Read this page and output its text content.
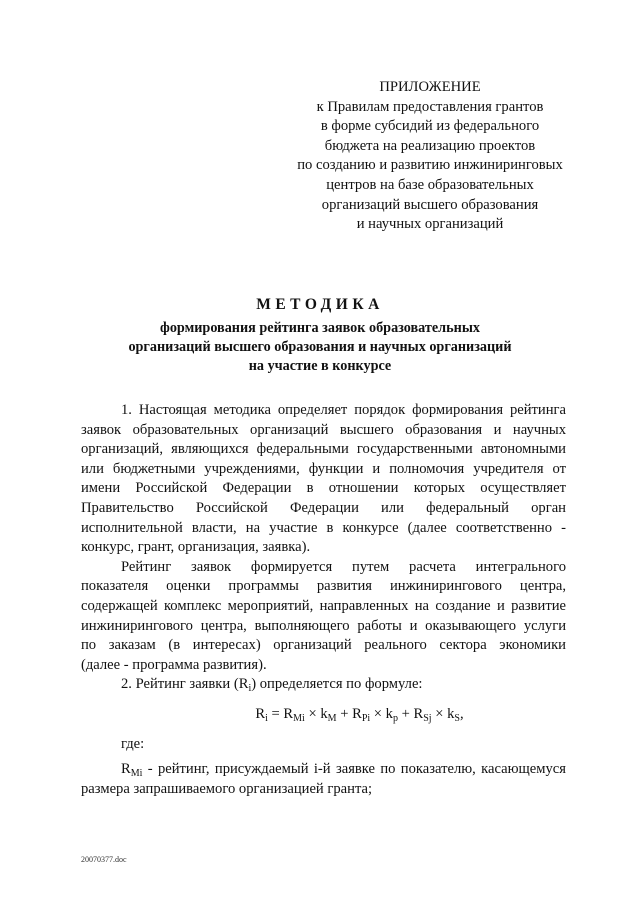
ПРИЛОЖЕНИЕ
к Правилам предоставления грантов
в форме субсидий из федерального
бюджета на реализацию проектов
по созданию и развитию инжиниринговых
центров на базе образовательных
организаций высшего образования
и научных организаций
МЕТОДИКА
формирования рейтинга заявок образовательных
организаций высшего образования и научных организаций
на участие в конкурсе
1. Настоящая методика определяет порядок формирования рейтинга
заявок образовательных организаций высшего образования и научных
организаций, являющихся федеральными государственными автономными
или бюджетными учреждениями, функции и полномочия учредителя от
имени Российской Федерации в отношении которых осуществляет
Правительство Российской Федерации или федеральный орган
исполнительной власти, на участие в конкурсе (далее соответственно -
конкурс, грант, организация, заявка).
Рейтинг заявок формируется путем расчета интегрального
показателя оценки программы развития инжинирингового центра,
содержащей комплекс мероприятий, направленных на создание и развитие
инжинирингового центра, выполняющего работы и оказывающего услуги
по заказам (в интересах) организаций реального сектора экономики
(далее - программа развития).
2. Рейтинг заявки $(R_i)$ определяется по формуле:
$R_i = R_{Mi} \times k_M + R_{Pi} \times k_p + R_{Sj} \times k_S$,
где:
$R_{Mi}$ - рейтинг, присуждаемый i-й заявке по показателю, касающемуся
размера запрашиваемого организацией гранта;
20070377.doc
